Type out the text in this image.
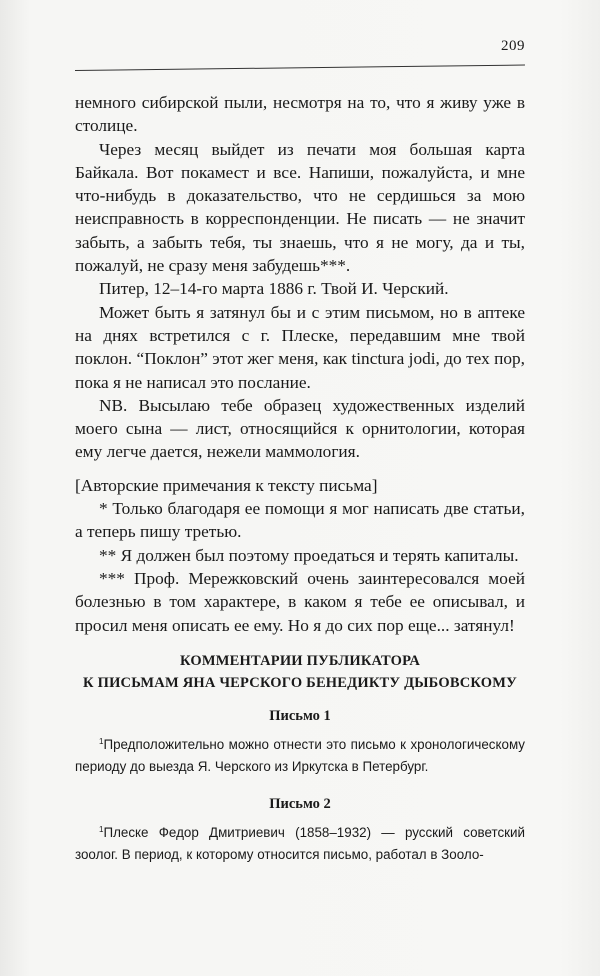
209

немного сибирской пыли, несмотря на то, что я живу уже в столице.

Через месяц выйдет из печати моя большая карта Байкала. Вот покамест и все. Напиши, пожалуйста, и мне что-нибудь в доказательство, что не сердишься за мою неисправность в корреспонденции. Не писать — не значит забыть, а забыть тебя, ты знаешь, что я не могу, да и ты, пожалуй, не сразу меня забудешь***.

Питер, 12–14-го марта 1886 г. Твой И. Черский.

Может быть я затянул бы и с этим письмом, но в аптеке на днях встретился с г. Плеске, передавшим мне твой поклон. “Поклон” этот жег меня, как tinctura jodi, до тех пор, пока я не написал это послание.

NB. Высылаю тебе образец художественных изделий моего сына — лист, относящийся к орнитологии, которая ему легче дается, нежели маммология.

[Авторские примечания к тексту письма]

* Только благодаря ее помощи я мог написать две статьи, а теперь пишу третью.

** Я должен был поэтому проедаться и терять капиталы.

*** Проф. Мережковский очень заинтересовался моей болезнью в том характере, в каком я тебе ее описывал, и просил меня описать ее ему. Но я до сих пор еще... затянул!

КОММЕНТАРИИ ПУБЛИКАТОРА
К ПИСЬМАМ ЯНА ЧЕРСКОГО БЕНЕДИКТУ ДЫБОВСКОМУ

Письмо 1

$^1$Предположительно можно отнести это письмо к хронологическому периоду до выезда Я. Черского из Иркутска в Петербург.

Письмо 2

$^1$Плеске Федор Дмитриевич (1858–1932) — русский советский зоолог. В период, к которому относится письмо, работал в Зооло-
